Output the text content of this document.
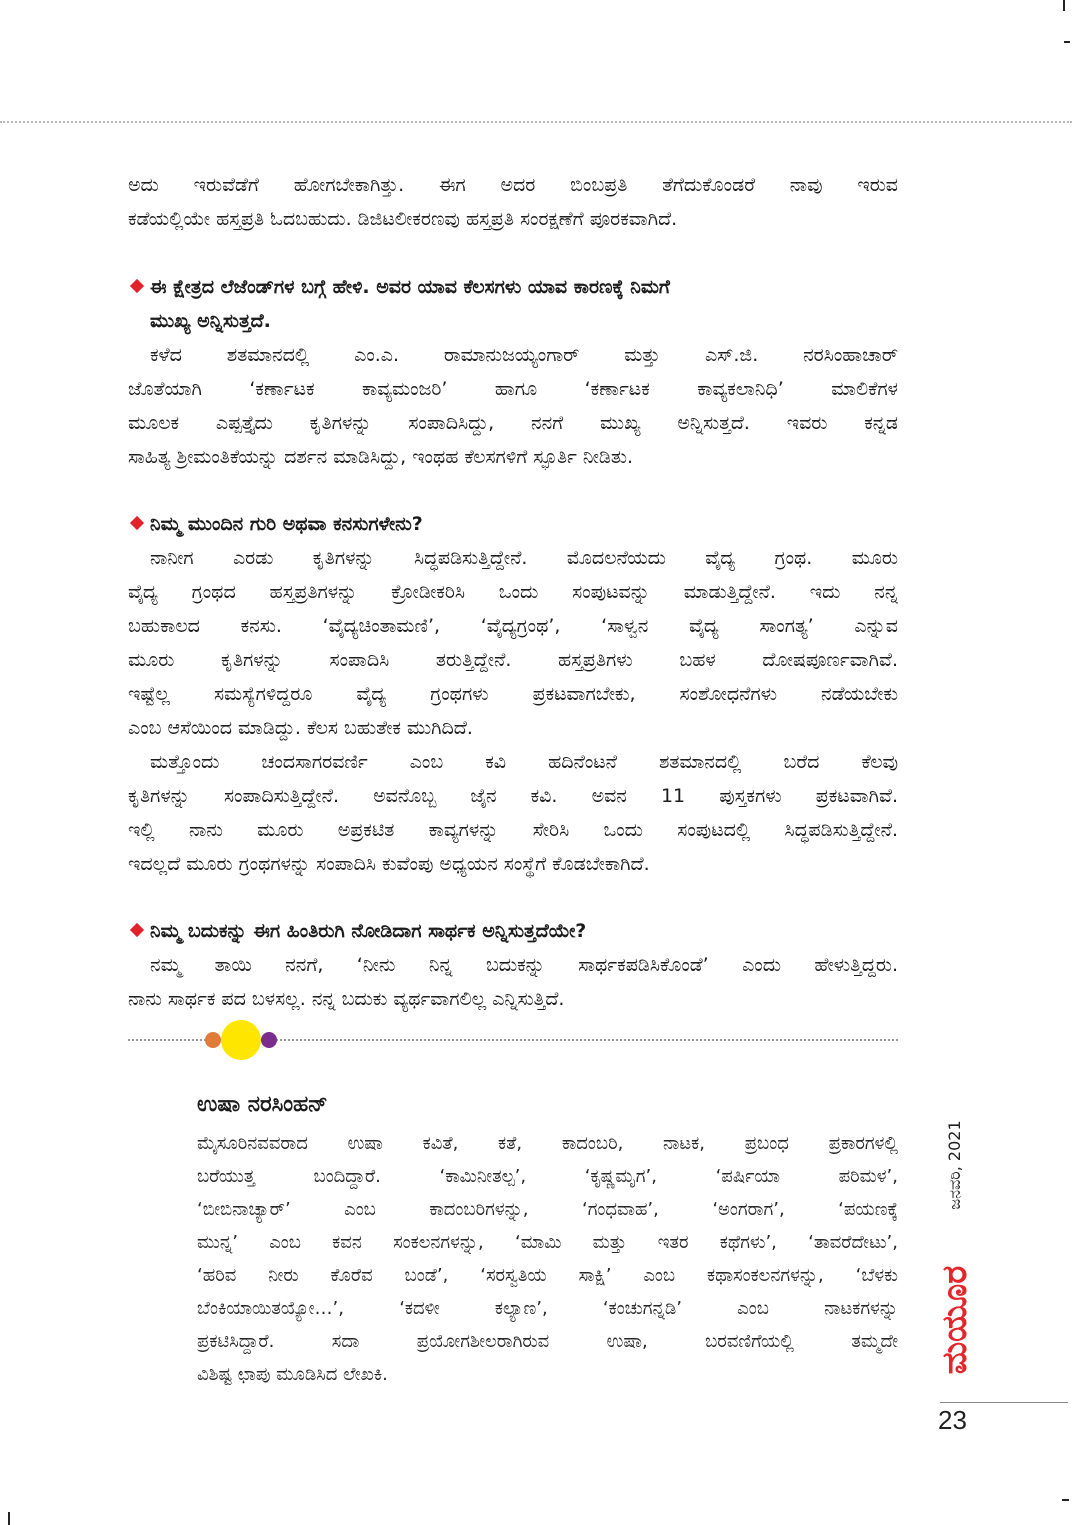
ಅದು ಇರುವೆಡೆಗೆ ಹೋಗಬೇಕಾಗಿತ್ತು. ಈಗ ಅದರ ಬಿಂಬಪ್ರತಿ ತೆಗೆದುಕೊಂಡರೆ ನಾವು ಇರುವ
ಕಡೆಯಲ್ಲಿಯೇ ಹಸ್ತಪ್ರತಿ ಓದಬಹುದು. ಡಿಜಿಟಲೀಕರಣವು ಹಸ್ತಪ್ರತಿ ಸಂರಕ್ಷಣೆಗೆ ಪೂರಕವಾಗಿದೆ.
ಈ ಕ್ಷೇತ್ರದ ಲೆಜೆಂಡ್‌ಗಳ ಬಗ್ಗೆ ಹೇಳಿ. ಅವರ ಯಾವ ಕೆಲಸಗಳು ಯಾವ ಕಾರಣಕ್ಕೆ ನಿಮಗೆ
ಮುಖ್ಯ ಅನ್ನಿಸುತ್ತದೆ.
ಕಳೆದ ಶತಮಾನದಲ್ಲಿ ಎಂ.ಎ. ರಾಮಾನುಜಯ್ಯಂಗಾರ್ ಮತ್ತು ಎಸ್.ಜಿ. ನರಸಿಂಹಾಚಾರ್
ಜೊತೆಯಾಗಿ ‘ಕರ್ಣಾಟಕ ಕಾವ್ಯಮಂಜರಿ’ ಹಾಗೂ ‘ಕರ್ಣಾಟಕ ಕಾವ್ಯಕಲಾನಿಧಿ’ ಮಾಲಿಕೆಗಳ
ಮೂಲಕ ಎಪ್ಪತ್ತೈದು ಕೃತಿಗಳನ್ನು ಸಂಪಾದಿಸಿದ್ದು, ನನಗೆ ಮುಖ್ಯ ಅನ್ನಿಸುತ್ತದೆ. ಇವರು ಕನ್ನಡ
ಸಾಹಿತ್ಯ ಶ್ರೀಮಂತಿಕೆಯನ್ನು ದರ್ಶನ ಮಾಡಿಸಿದ್ದು, ಇಂಥಹ ಕೆಲಸಗಳಿಗೆ ಸ್ಫೂರ್ತಿ ನೀಡಿತು.
ನಿಮ್ಮ ಮುಂದಿನ ಗುರಿ ಅಥವಾ ಕನಸುಗಳೇನು?
ನಾನೀಗ ಎರಡು ಕೃತಿಗಳನ್ನು ಸಿದ್ಧಪಡಿಸುತ್ತಿದ್ದೇನೆ. ಮೊದಲನೆಯದು ವೈದ್ಯ ಗ್ರಂಥ. ಮೂರು
ವೈದ್ಯ ಗ್ರಂಥದ ಹಸ್ತಪ್ರತಿಗಳನ್ನು ಕ್ರೋಡೀಕರಿಸಿ ಒಂದು ಸಂಪುಟವನ್ನು ಮಾಡುತ್ತಿದ್ದೇನೆ. ಇದು ನನ್ನ
ಬಹುಕಾಲದ ಕನಸು. ‘ವೈದ್ಯಚಿಂತಾಮಣಿ’, ‘ವೈದ್ಯಗ್ರಂಥ’, ‘ಸಾಳ್ವನ ವೈದ್ಯ ಸಾಂಗತ್ಯ’ ಎನ್ನುವ
ಮೂರು ಕೃತಿಗಳನ್ನು ಸಂಪಾದಿಸಿ ತರುತ್ತಿದ್ದೇನೆ. ಹಸ್ತಪ್ರತಿಗಳು ಬಹಳ ದೋಷಪೂರ್ಣವಾಗಿವೆ.
ಇಷ್ಟೆಲ್ಲ ಸಮಸ್ಯೆಗಳಿದ್ದರೂ ವೈದ್ಯ ಗ್ರಂಥಗಳು ಪ್ರಕಟವಾಗಬೇಕು, ಸಂಶೋಧನೆಗಳು ನಡೆಯಬೇಕು
ಎಂಬ ಆಸೆಯಿಂದ ಮಾಡಿದ್ದು. ಕೆಲಸ ಬಹುತೇಕ ಮುಗಿದಿದೆ.
ಮತ್ತೊಂದು ಚಂದಸಾಗರವರ್ಣಿ ಎಂಬ ಕವಿ ಹದಿನೆಂಟನೆ ಶತಮಾನದಲ್ಲಿ ಬರೆದ ಕೆಲವು
ಕೃತಿಗಳನ್ನು ಸಂಪಾದಿಸುತ್ತಿದ್ದೇನೆ. ಅವನೊಬ್ಬ ಜೈನ ಕವಿ. ಅವನ 11 ಪುಸ್ತಕಗಳು ಪ್ರಕಟವಾಗಿವೆ.
ಇಲ್ಲಿ ನಾನು ಮೂರು ಅಪ್ರಕಟಿತ ಕಾವ್ಯಗಳನ್ನು ಸೇರಿಸಿ ಒಂದು ಸಂಪುಟದಲ್ಲಿ ಸಿದ್ಧಪಡಿಸುತ್ತಿದ್ದೇನೆ.
ಇದಲ್ಲದೆ ಮೂರು ಗ್ರಂಥಗಳನ್ನು ಸಂಪಾದಿಸಿ ಕುವೆಂಪು ಅಧ್ಯಯನ ಸಂಸ್ಥೆಗೆ ಕೊಡಬೇಕಾಗಿದೆ.
ನಿಮ್ಮ ಬದುಕನ್ನು ಈಗ ಹಿಂತಿರುಗಿ ನೋಡಿದಾಗ ಸಾರ್ಥಕ ಅನ್ನಿಸುತ್ತದೆಯೇ?
ನಮ್ಮ ತಾಯಿ ನನಗೆ, ‘ನೀನು ನಿನ್ನ ಬದುಕನ್ನು ಸಾರ್ಥಕಪಡಿಸಿಕೊಂಡೆ’ ಎಂದು ಹೇಳುತ್ತಿದ್ದರು.
ನಾನು ಸಾರ್ಥಕ ಪದ ಬಳಸಲ್ಲ. ನನ್ನ ಬದುಕು ವ್ಯರ್ಥವಾಗಲಿಲ್ಲ ಎನ್ನಿಸುತ್ತಿದೆ.
ಉಷಾ ನರಸಿಂಹನ್
ಮೈಸೂರಿನವವರಾದ ಉಷಾ ಕವಿತೆ, ಕತೆ, ಕಾದಂಬರಿ, ನಾಟಕ, ಪ್ರಬಂಧ ಪ್ರಕಾರಗಳಲ್ಲಿ
ಬರೆಯುತ್ತ ಬಂದಿದ್ದಾರೆ. ‘ಕಾಮಿನೀತಲ್ಪ’, ‘ಕೃಷ್ಣಮೃಗ’, ‘ಪರ್ಷಿಯಾ ಪರಿಮಳ’,
‘ಬೀಬಿನಾಚ್ಯಾರ್’ ಎಂಬ ಕಾದಂಬರಿಗಳನ್ನು, ‘ಗಂಧವಾಹ’, ‘ಅಂಗರಾಗ’, ‘ಪಯಣಕ್ಕೆ
ಮುನ್ನ’ ಎಂಬ ಕವನ ಸಂಕಲನಗಳನ್ನು, ‘ಮಾಮಿ ಮತ್ತು ಇತರ ಕಥೆಗಳು’, ‘ತಾವರೆದೇಟು’,
‘ಹರಿವ ನೀರು ಕೊರೆವ ಬಂಡೆ’, ‘ಸರಸ್ವತಿಯ ಸಾಕ್ಷಿ’ ಎಂಬ ಕಥಾಸಂಕಲನಗಳನ್ನು, ‘ಬೆಳಕು
ಬೆಂಕಿಯಾಯಿತಯ್ಯೋ…’, ‘ಕದಳೀ ಕಲ್ಯಾಣ’, ‘ಕಂಚುಗನ್ನಡಿ’ ಎಂಬ ನಾಟಕಗಳನ್ನು
ಪ್ರಕಟಿಸಿದ್ದಾರೆ. ಸದಾ ಪ್ರಯೋಗಶೀಲರಾಗಿರುವ ಉಷಾ, ಬರವಣಿಗೆಯಲ್ಲಿ ತಮ್ಮದೇ
ವಿಶಿಷ್ಟ ಛಾಪು ಮೂಡಿಸಿದ ಲೇಖಕಿ.
ಜನವರಿ, 2021
ಮಯೂರ
23
